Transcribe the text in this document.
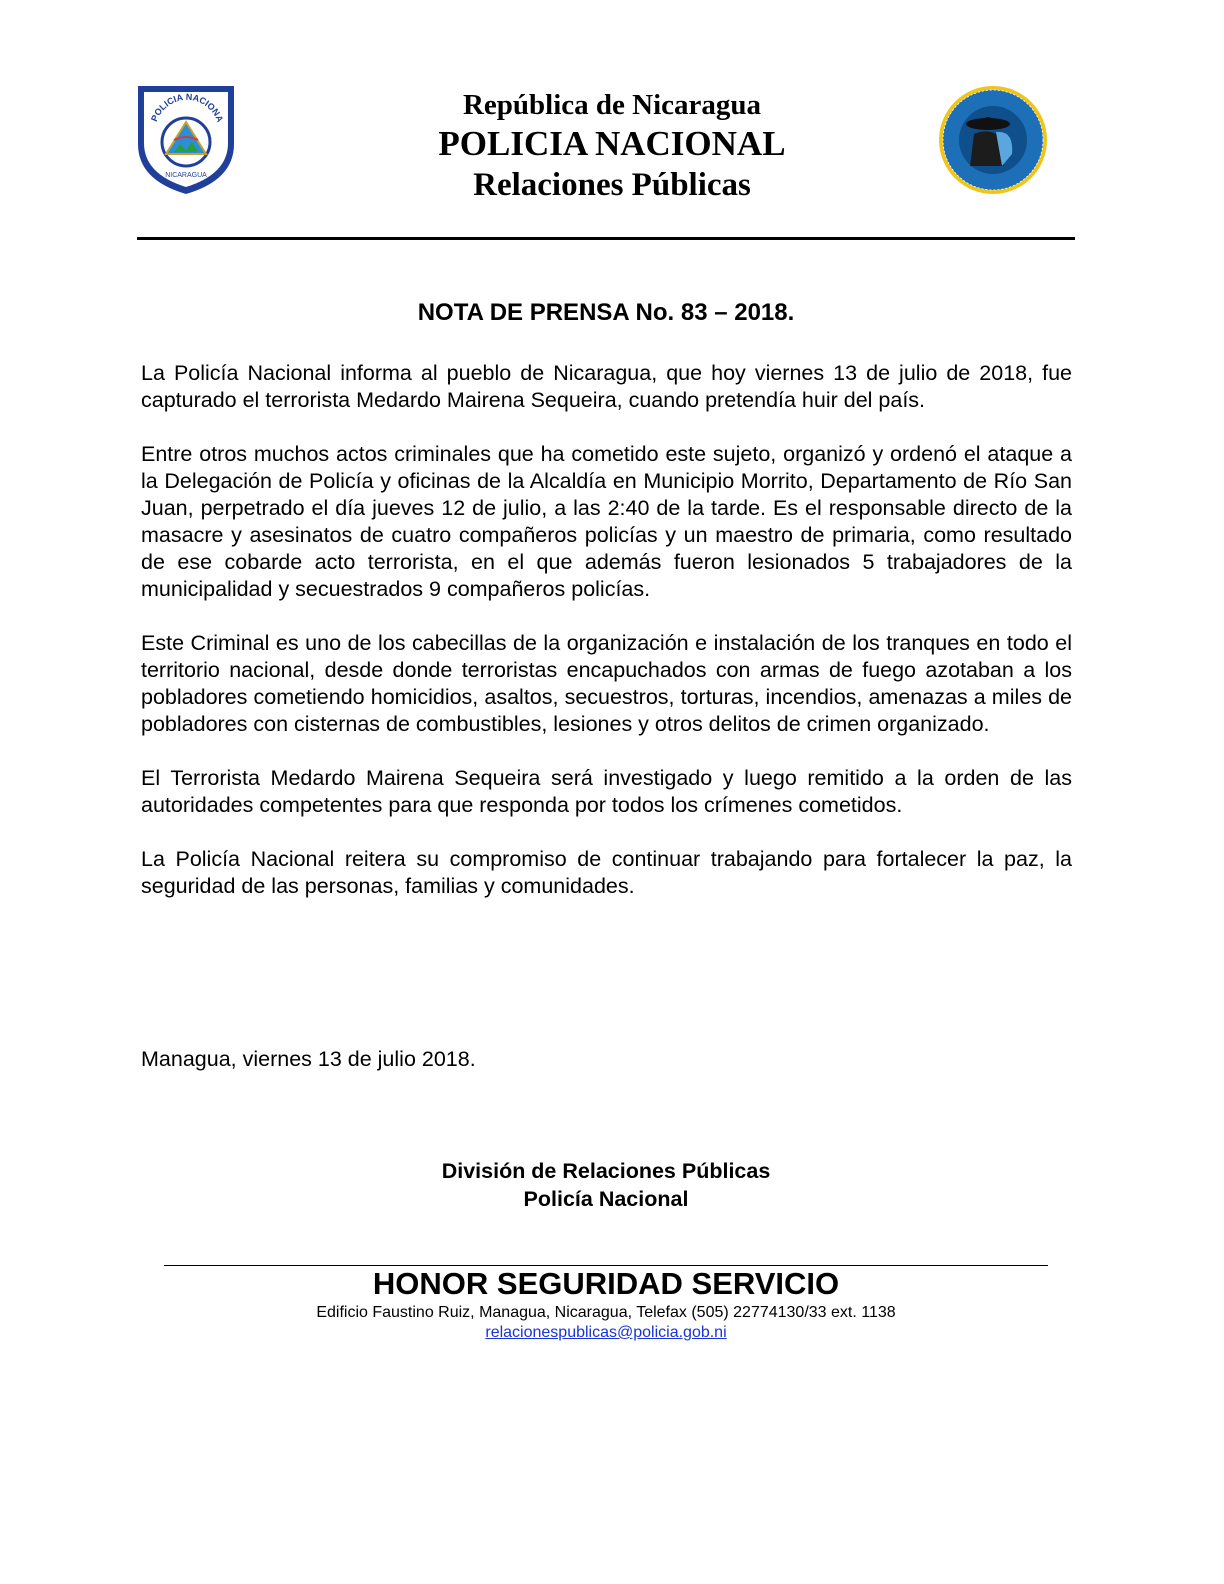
POLICIA NACIONA
NICARAGUA
República de Nicaragua
POLICIA NACIONAL
Relaciones Públicas
NOTA DE PRENSA No. 83 – 2018.

La Policía Nacional informa al pueblo de Nicaragua, que hoy viernes 13 de julio de 2018, fue capturado el terrorista Medardo Mairena Sequeira, cuando pretendía huir del país.

Entre otros muchos actos criminales que ha cometido este sujeto, organizó y ordenó el ataque a la Delegación de Policía y oficinas de la Alcaldía en Municipio Morrito, Departamento de Río San Juan, perpetrado el día jueves 12 de julio, a las 2:40 de la tarde. Es el responsable directo de la masacre y asesinatos de cuatro compañeros policías y un maestro de primaria, como resultado de ese cobarde acto terrorista, en el que además fueron lesionados 5 trabajadores de la municipalidad y secuestrados 9 compañeros policías.

Este Criminal es uno de los cabecillas de la organización e instalación de los tranques en todo el territorio nacional, desde donde terroristas encapuchados con armas de fuego azotaban a los pobladores cometiendo homicidios, asaltos, secuestros, torturas, incendios, amenazas a miles de pobladores con cisternas de combustibles, lesiones y otros delitos de crimen organizado.

El Terrorista Medardo Mairena Sequeira será investigado y luego remitido a la orden de las autoridades competentes para que responda por todos los crímenes cometidos.

La Policía Nacional reitera su compromiso de continuar trabajando para fortalecer la paz, la seguridad de las personas, familias y comunidades.

Managua, viernes 13 de julio 2018.
División de Relaciones Públicas
Policía Nacional
HONOR SEGURIDAD SERVICIO
Edificio Faustino Ruiz, Managua, Nicaragua, Telefax (505) 22774130/33 ext. 1138
relacionespublicas@policia.gob.ni
